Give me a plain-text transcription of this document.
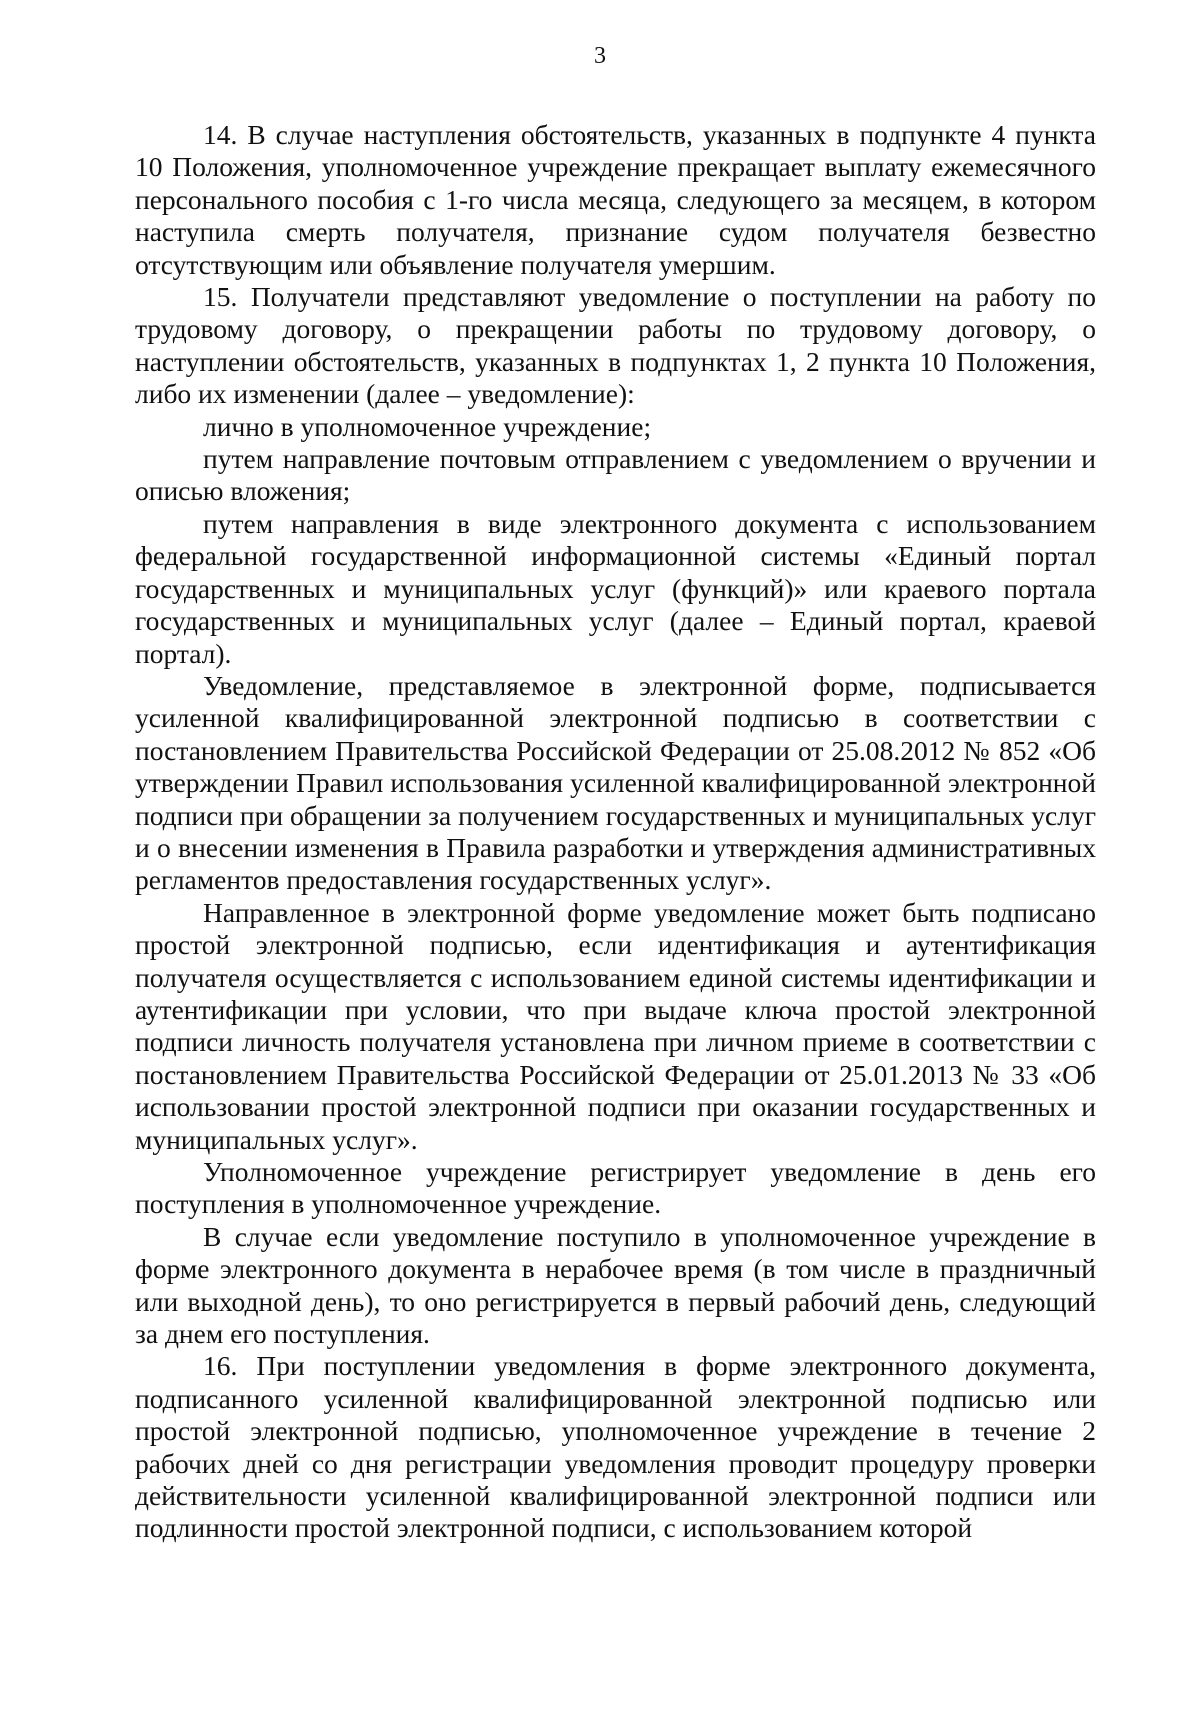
3

14. В случае наступления обстоятельств, указанных в подпункте 4 пункта 10 Положения, уполномоченное учреждение прекращает выплату ежемесячного персонального пособия с 1-го числа месяца, следующего за месяцем, в котором наступила смерть получателя, признание судом получателя безвестно отсутствующим или объявление получателя умершим.

15. Получатели представляют уведомление о поступлении на работу по трудовому договору, о прекращении работы по трудовому договору, о наступлении обстоятельств, указанных в подпунктах 1, 2 пункта 10 Положения, либо их изменении (далее – уведомление):

лично в уполномоченное учреждение;

путем направление почтовым отправлением с уведомлением о вручении и описью вложения;

путем направления в виде электронного документа с использованием федеральной государственной информационной системы «Единый портал государственных и муниципальных услуг (функций)» или краевого портала государственных и муниципальных услуг (далее – Единый портал, краевой портал).

Уведомление, представляемое в электронной форме, подписывается усиленной квалифицированной электронной подписью в соответствии с постановлением Правительства Российской Федерации от 25.08.2012 № 852 «Об утверждении Правил использования усиленной квалифицированной электронной подписи при обращении за получением государственных и муниципальных услуг и о внесении изменения в Правила разработки и утверждения административных регламентов предоставления государственных услуг».

Направленное в электронной форме уведомление может быть подписано простой электронной подписью, если идентификация и аутентификация получателя осуществляется с использованием единой системы идентификации и аутентификации при условии, что при выдаче ключа простой электронной подписи личность получателя установлена при личном приеме в соответствии с постановлением Правительства Российской Федерации от 25.01.2013 № 33 «Об использовании простой электронной подписи при оказании государственных и муниципальных услуг».

Уполномоченное учреждение регистрирует уведомление в день его поступления в уполномоченное учреждение.

В случае если уведомление поступило в уполномоченное учреждение в форме электронного документа в нерабочее время (в том числе в праздничный или выходной день), то оно регистрируется в первый рабочий день, следующий за днем его поступления.

16. При поступлении уведомления в форме электронного документа, подписанного усиленной квалифицированной электронной подписью или простой электронной подписью, уполномоченное учреждение в течение 2 рабочих дней со дня регистрации уведомления проводит процедуру проверки действительности усиленной квалифицированной электронной подписи или подлинности простой электронной подписи, с использованием которой
